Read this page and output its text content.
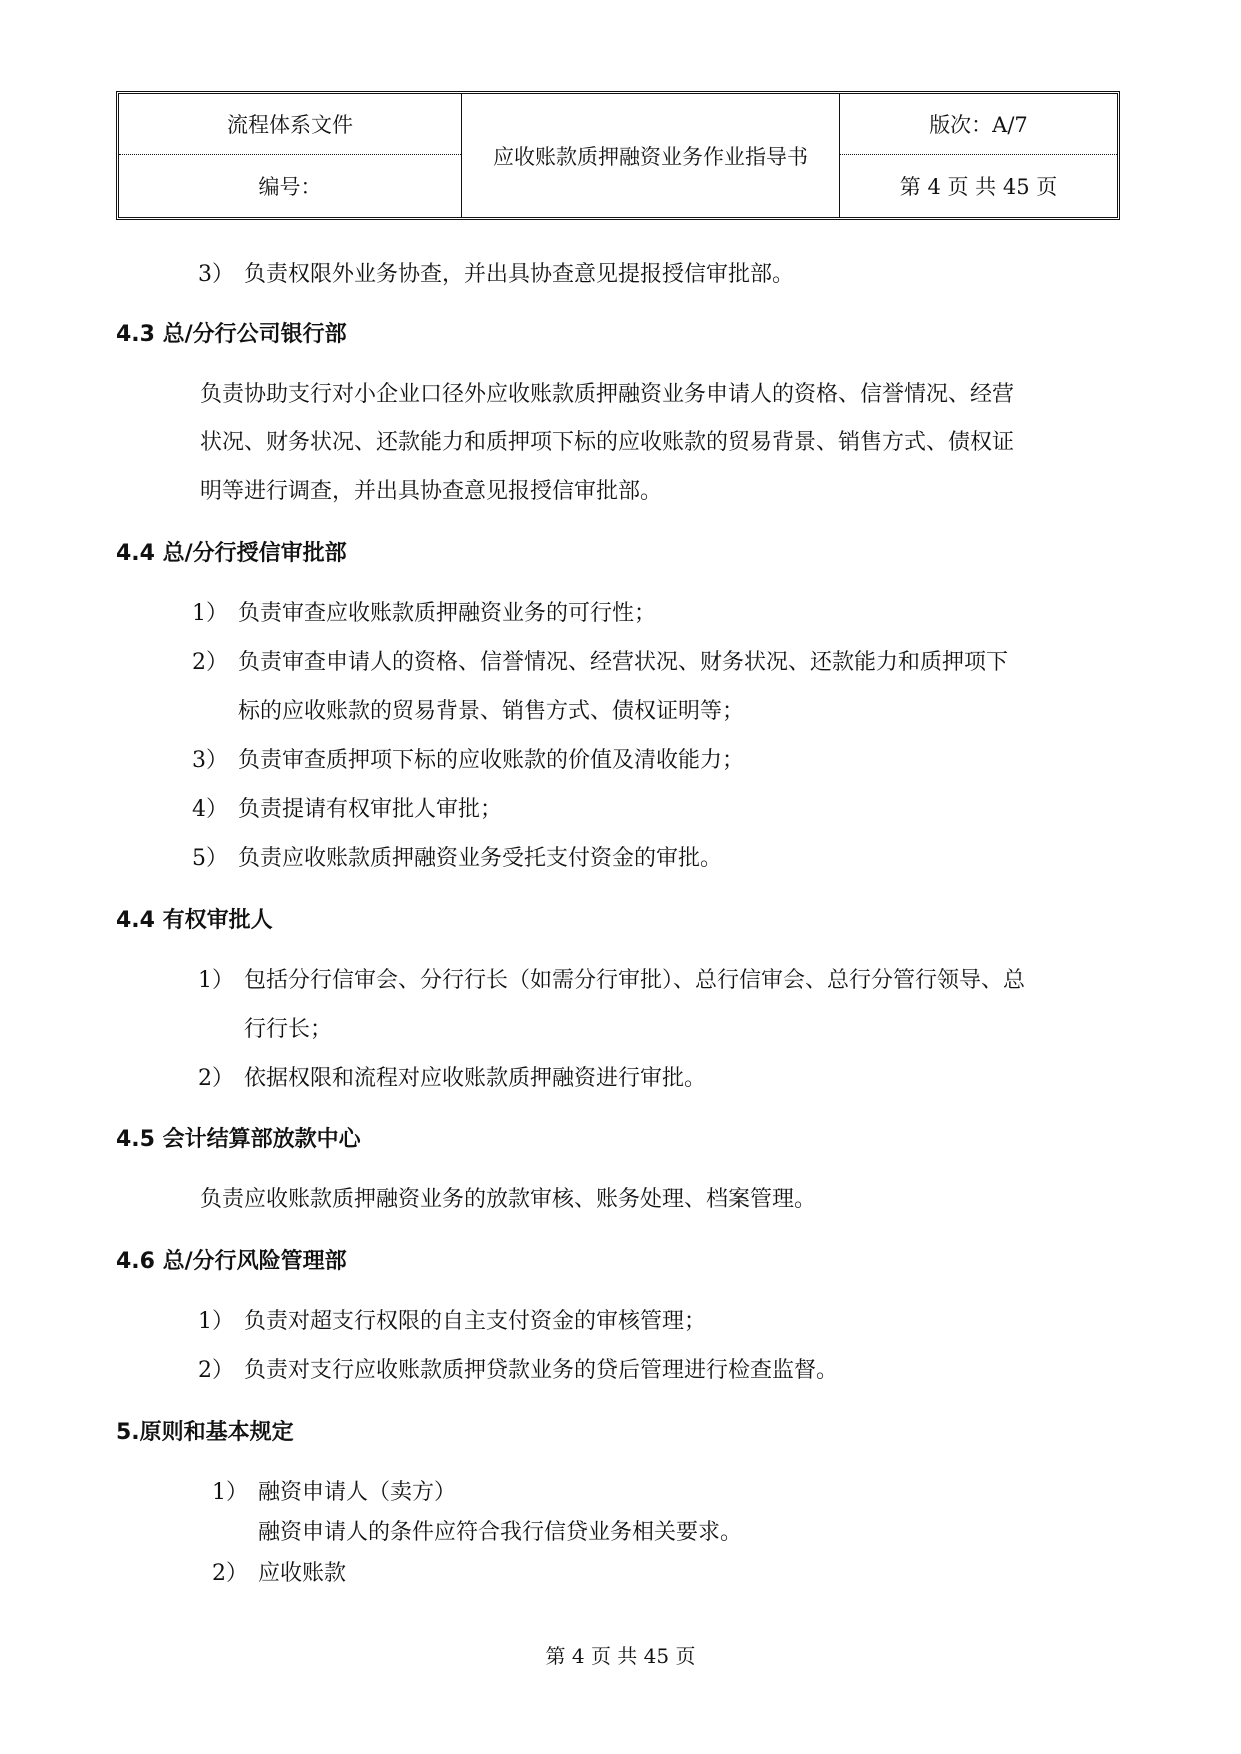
流程体系文件
编号：
应收账款质押融资业务作业指导书
版次：A/7
第 4 页 共 45 页
3） 负责权限外业务协查，并出具协查意见提报授信审批部。
4.3 总/分行公司银行部
负责协助支行对小企业口径外应收账款质押融资业务申请人的资格、信誉情况、经营
状况、财务状况、还款能力和质押项下标的应收账款的贸易背景、销售方式、债权证
明等进行调查，并出具协查意见报授信审批部。
4.4 总/分行授信审批部
1） 负责审查应收账款质押融资业务的可行性；
2） 负责审查申请人的资格、信誉情况、经营状况、财务状况、还款能力和质押项下
标的应收账款的贸易背景、销售方式、债权证明等；
3） 负责审查质押项下标的应收账款的价值及清收能力；
4） 负责提请有权审批人审批；
5） 负责应收账款质押融资业务受托支付资金的审批。
4.4 有权审批人
1） 包括分行信审会、分行行长（如需分行审批）、总行信审会、总行分管行领导、总
行行长；
2） 依据权限和流程对应收账款质押融资进行审批。
4.5 会计结算部放款中心
负责应收账款质押融资业务的放款审核、账务处理、档案管理。
4.6 总/分行风险管理部
1） 负责对超支行权限的自主支付资金的审核管理；
2） 负责对支行应收账款质押贷款业务的贷后管理进行检查监督。
5.原则和基本规定
1） 融资申请人（卖方）
融资申请人的条件应符合我行信贷业务相关要求。
2） 应收账款
第 4 页 共 45 页
